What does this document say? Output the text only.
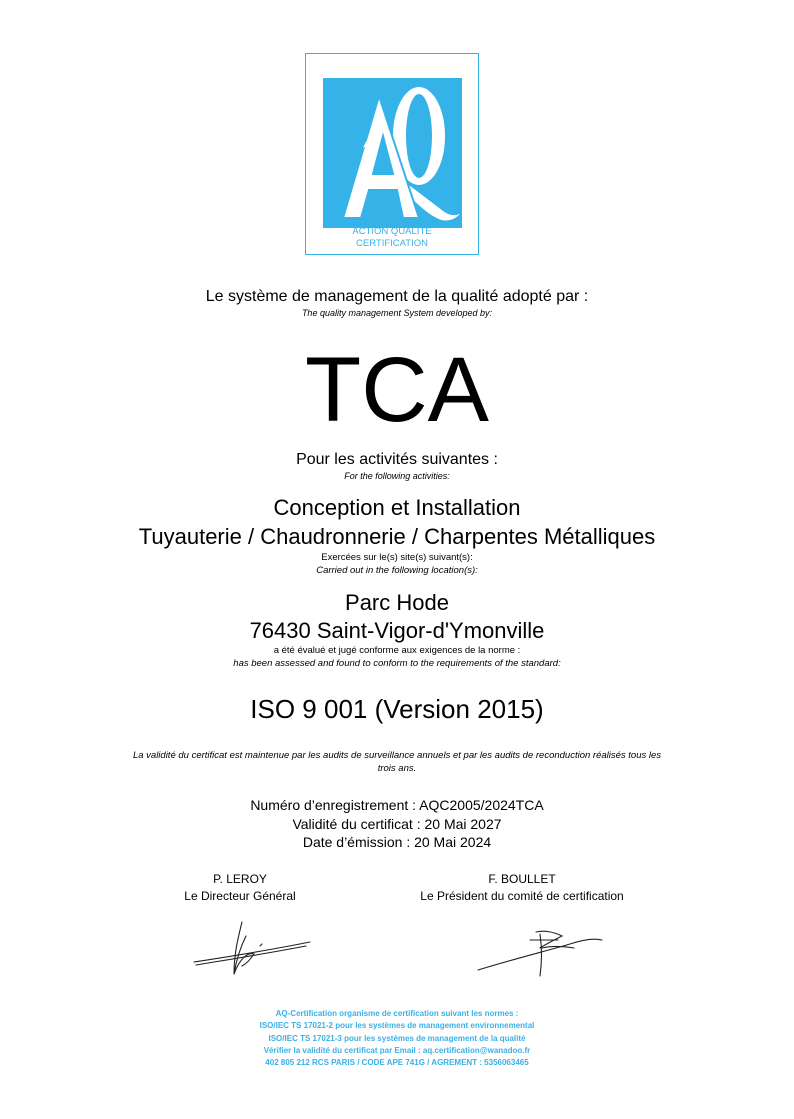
ACTION QUALITE
CERTIFICATION
Le système de management de la qualité adopté par :
The quality management System developed by:
TCA
Pour les activités suivantes :
For the following activities:
Conception et Installation
Tuyauterie / Chaudronnerie / Charpentes Métalliques
Exercées sur le(s) site(s) suivant(s):
Carried out in the following location(s):
Parc Hode
76430 Saint-Vigor-d'Ymonville
a été évalué et jugé conforme aux exigences de la norme :
has been assessed and found to conform to the requirements of the standard:
ISO 9 001 (Version 2015)
La validité du certificat est maintenue par les audits de surveillance annuels et par les audits de reconduction réalisés tous les
trois ans.
Numéro d’enregistrement : AQC2005/2024TCA
Validité du certificat : 20 Mai 2027
Date d’émission : 20 Mai 2024
P. LEROY
Le Directeur Général
F. BOULLET
Le Président du comité de certification
AQ-Certification organisme de certification suivant les normes :
ISO/IEC TS 17021-2 pour les systèmes de management environnemental
ISO/IEC TS 17021-3 pour les systèmes de management de la qualité
Vérifier la validité du certificat par Email : aq.certification@wanadoo.fr
402 805 212 RCS PARIS / CODE APE 741G / AGREMENT : 5356063465
